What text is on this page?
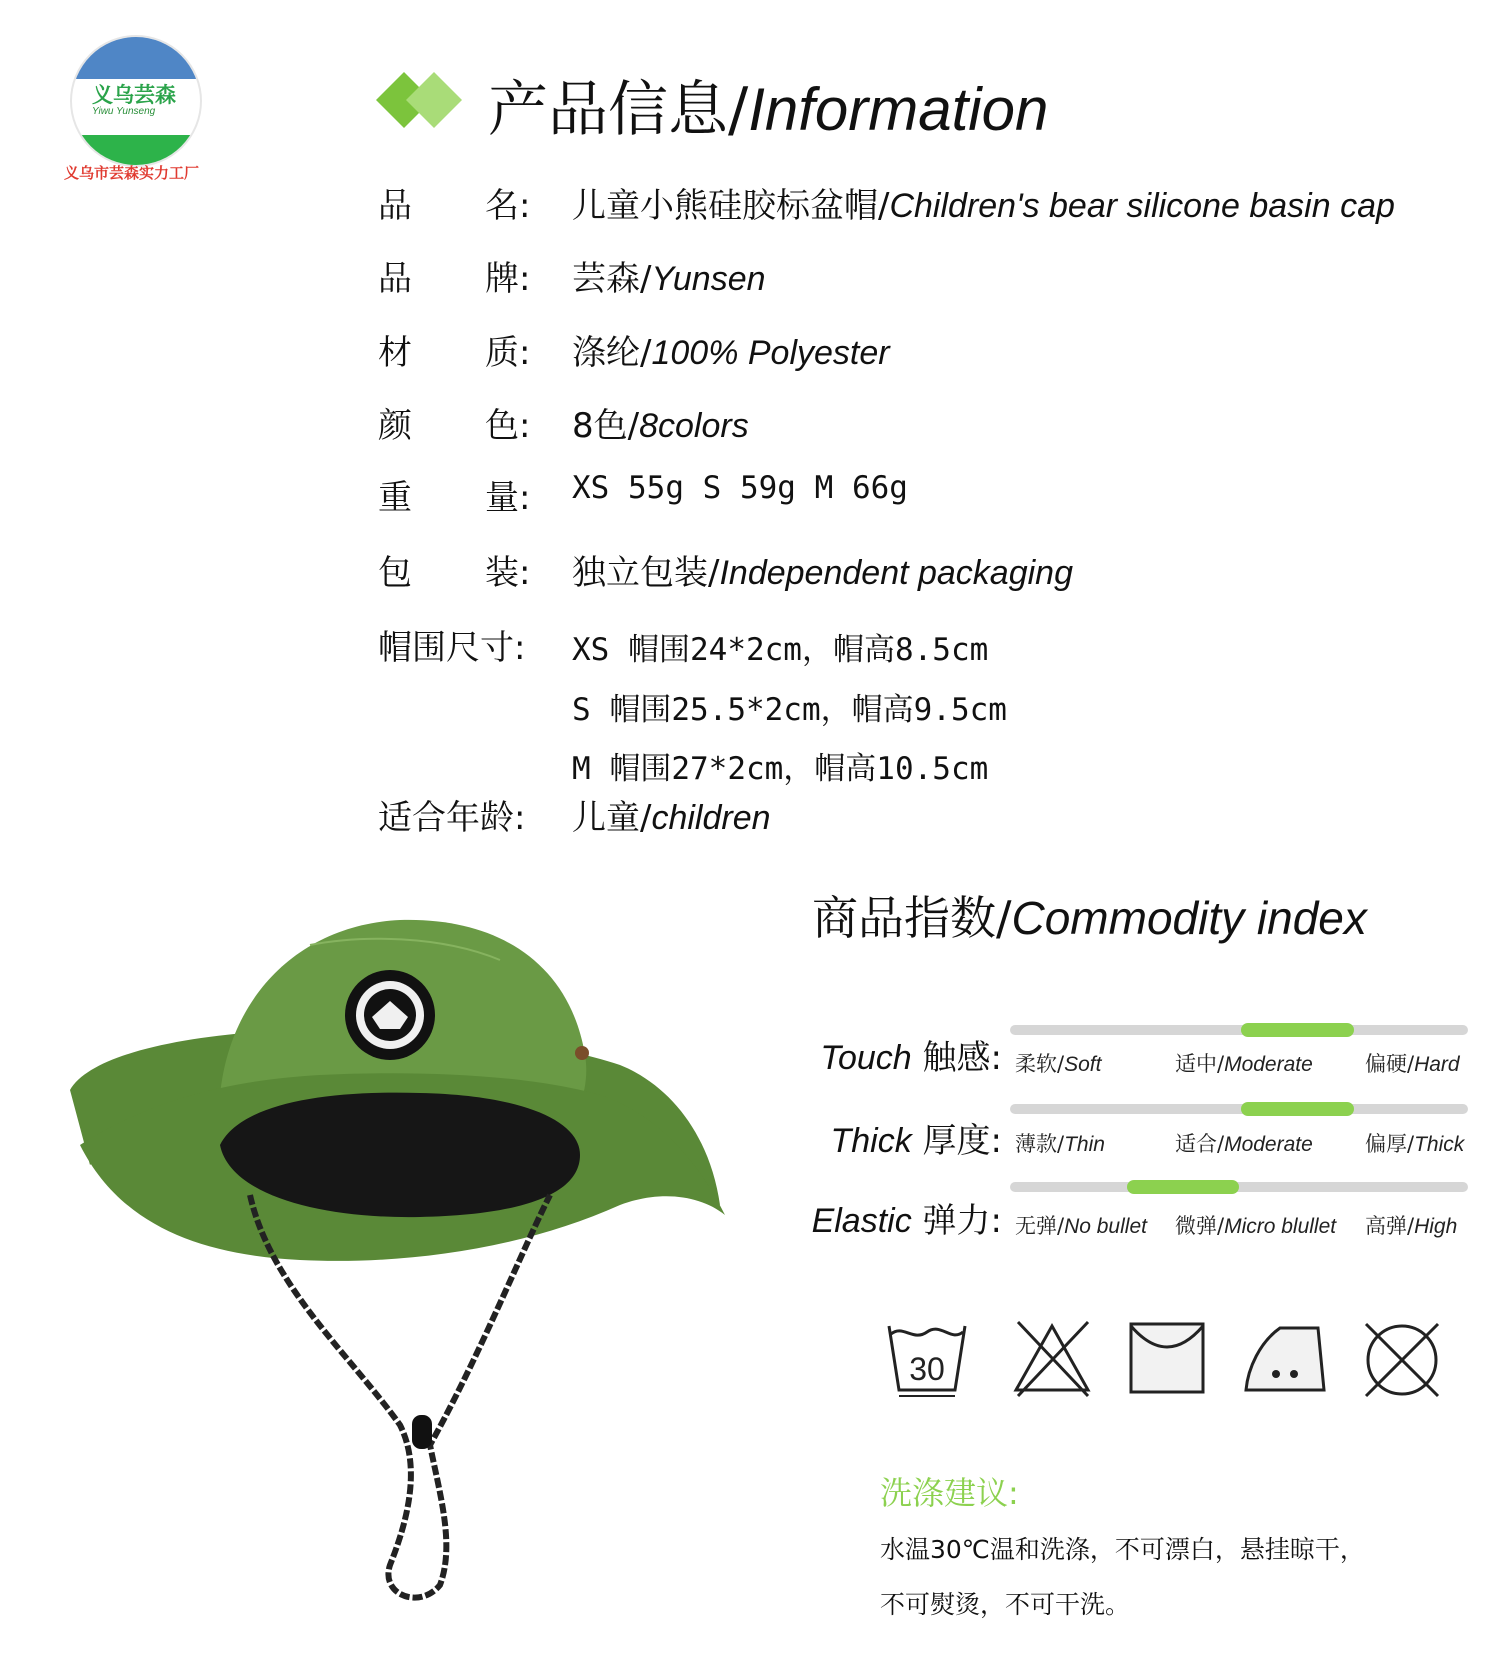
义乌芸森
Yiwu Yunseng
义乌市芸森实力工厂
产品信息/Information
品 名: 儿童小熊硅胶标盆帽/Children's bear silicone basin cap
品 牌: 芸森/Yunsen
材 质: 涤纶/100% Polyester
颜 色: 8色/8colors
重 量: XS 55g S 59g M 66g
包 装: 独立包装/Independent packaging
帽围尺寸: XS 帽围24*2cm，帽高8.5cm
S 帽围25.5*2cm，帽高9.5cm
M 帽围27*2cm，帽高10.5cm
适合年龄: 儿童/children
商品指数/Commodity index
Touch 触感: 柔软/Soft	适中/Moderate 偏硬/Hard
Thick 厚度: 薄款/Thin	适合/Moderate 偏厚/Thick
Elastic 弹力: 无弹/No bullet 微弹/Micro blullet 高弹/High
30
洗涤建议:
水温30℃温和洗涤，不可漂白，悬挂晾干，
不可熨烫，不可干洗。
